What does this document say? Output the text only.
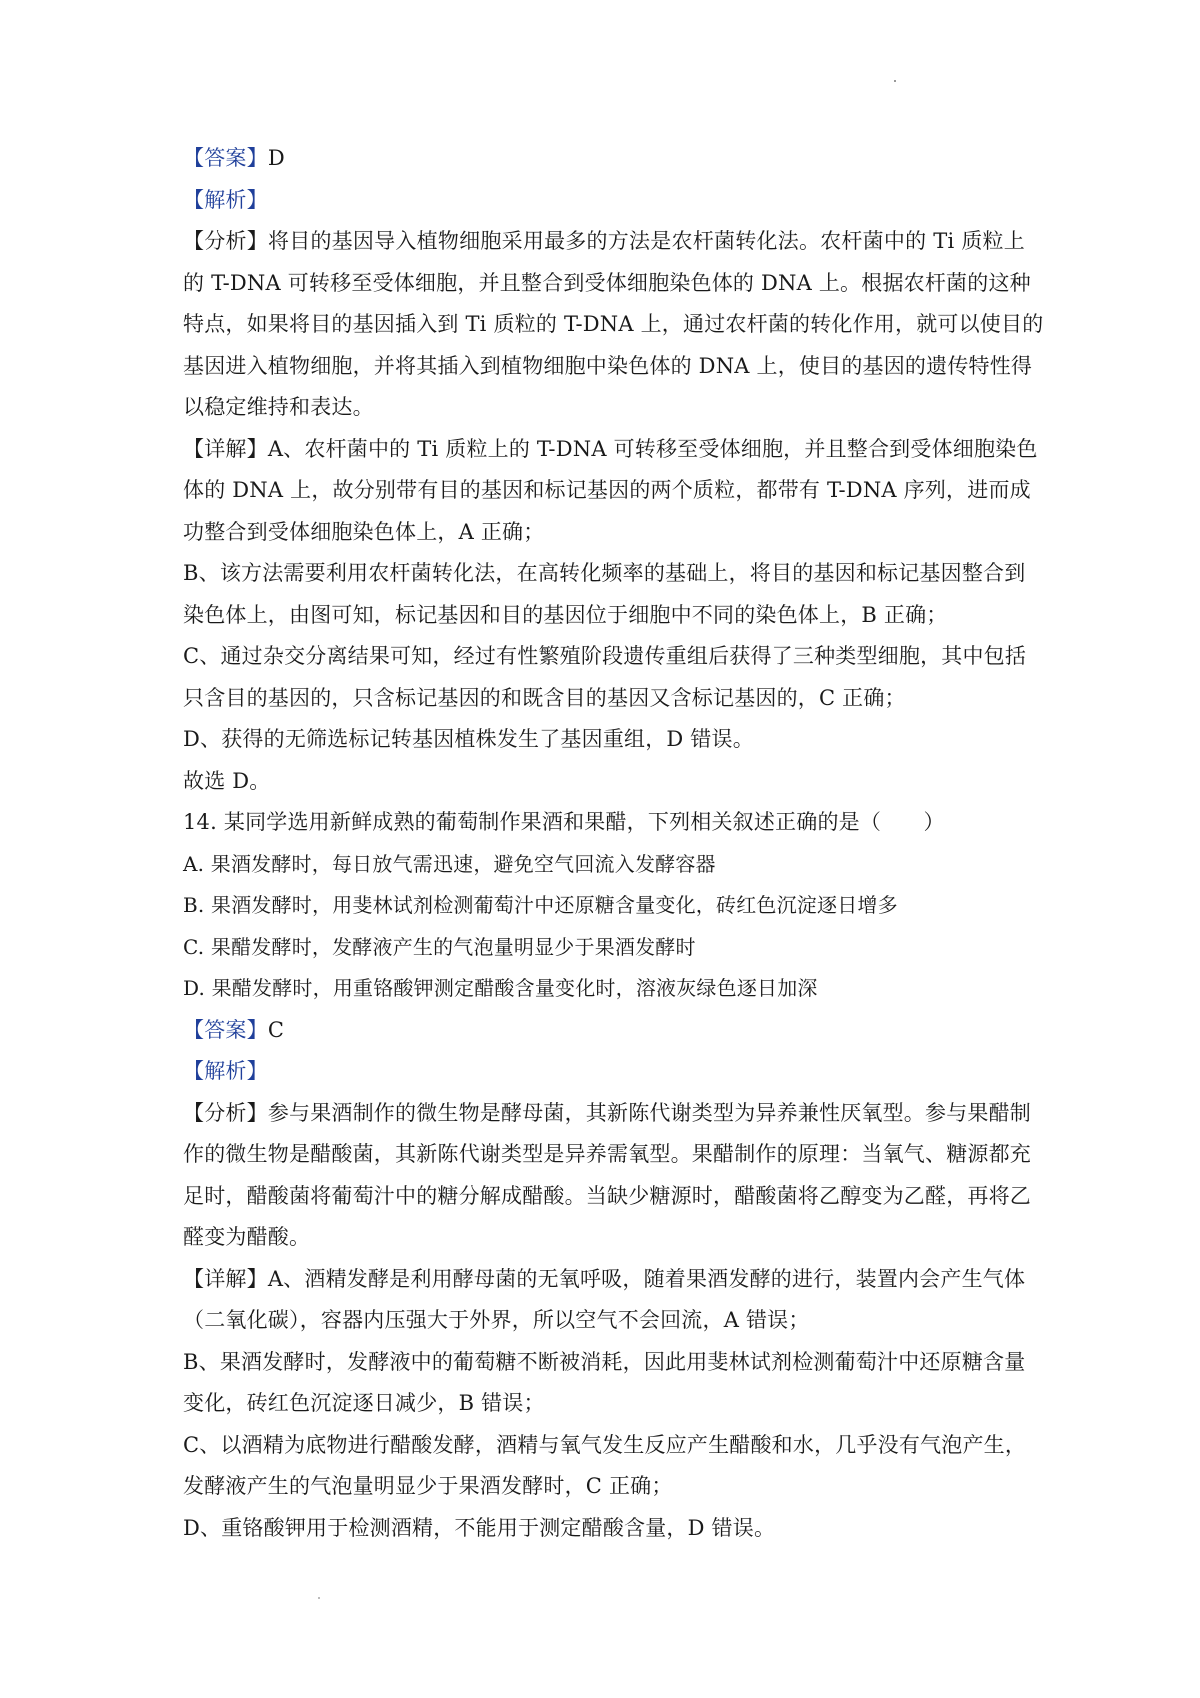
【答案】D
【解析】
【分析】将目的基因导入植物细胞采用最多的方法是农杆菌转化法。农杆菌中的 Ti 质粒上
的 T-DNA 可转移至受体细胞，并且整合到受体细胞染色体的 DNA 上。根据农杆菌的这种
特点，如果将目的基因插入到 Ti 质粒的 T-DNA 上，通过农杆菌的转化作用，就可以使目的
基因进入植物细胞，并将其插入到植物细胞中染色体的 DNA 上，使目的基因的遗传特性得
以稳定维持和表达。
【详解】A、农杆菌中的 Ti 质粒上的 T-DNA 可转移至受体细胞，并且整合到受体细胞染色
体的 DNA 上，故分别带有目的基因和标记基因的两个质粒，都带有 T-DNA 序列，进而成
功整合到受体细胞染色体上，A 正确；
B、该方法需要利用农杆菌转化法，在高转化频率的基础上，将目的基因和标记基因整合到
染色体上，由图可知，标记基因和目的基因位于细胞中不同的染色体上，B 正确；
C、通过杂交分离结果可知，经过有性繁殖阶段遗传重组后获得了三种类型细胞，其中包括
只含目的基因的，只含标记基因的和既含目的基因又含标记基因的，C 正确；
D、获得的无筛选标记转基因植株发生了基因重组，D 错误。
故选 D。
14. 某同学选用新鲜成熟的葡萄制作果酒和果醋，下列相关叙述正确的是（　　）
A. 果酒发酵时，每日放气需迅速，避免空气回流入发酵容器
B. 果酒发酵时，用斐林试剂检测葡萄汁中还原糖含量变化，砖红色沉淀逐日增多
C. 果醋发酵时，发酵液产生的气泡量明显少于果酒发酵时
D. 果醋发酵时，用重铬酸钾测定醋酸含量变化时，溶液灰绿色逐日加深
【答案】C
【解析】
【分析】参与果酒制作的微生物是酵母菌，其新陈代谢类型为异养兼性厌氧型。参与果醋制
作的微生物是醋酸菌，其新陈代谢类型是异养需氧型。果醋制作的原理：当氧气、糖源都充
足时，醋酸菌将葡萄汁中的糖分解成醋酸。当缺少糖源时，醋酸菌将乙醇变为乙醛，再将乙
醛变为醋酸。
【详解】A、酒精发酵是利用酵母菌的无氧呼吸，随着果酒发酵的进行，装置内会产生气体
（二氧化碳），容器内压强大于外界，所以空气不会回流，A 错误；
B、果酒发酵时，发酵液中的葡萄糖不断被消耗，因此用斐林试剂检测葡萄汁中还原糖含量
变化，砖红色沉淀逐日减少，B 错误；
C、以酒精为底物进行醋酸发酵，酒精与氧气发生反应产生醋酸和水，几乎没有气泡产生，
发酵液产生的气泡量明显少于果酒发酵时，C 正确；
D、重铬酸钾用于检测酒精，不能用于测定醋酸含量，D 错误。
